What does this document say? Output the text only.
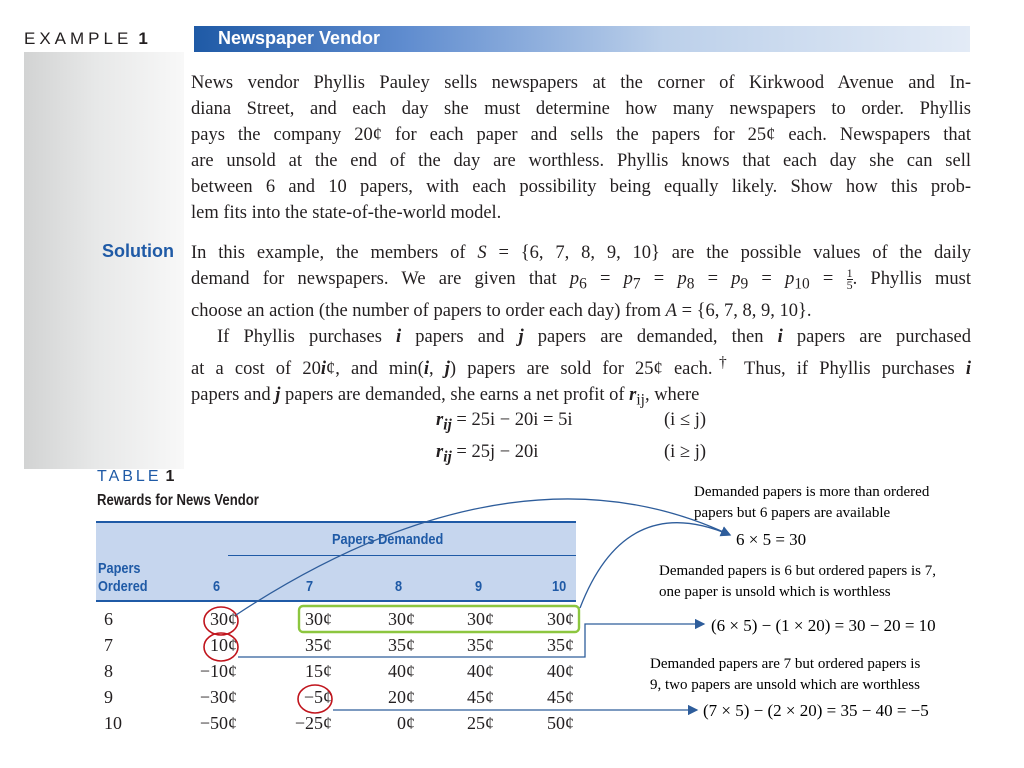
EXAMPLE 1	Newspaper Vendor
News vendor Phyllis Pauley sells newspapers at the corner of Kirkwood Avenue and In-
diana Street, and each day she must determine how many newspapers to order. Phyllis
pays the company 20¢ for each paper and sells the papers for 25¢ each. Newspapers that
are unsold at the end of the day are worthless. Phyllis knows that each day she can sell
between 6 and 10 papers, with each possibility being equally likely. Show how this prob-
lem fits into the state-of-the-world model.
Solution In this example, the members of S = {6, 7, 8, 9, 10} are the possible values of the daily
demand for newspapers. We are given that $p_6 = p_7 = p_8 = p_9 = p_{10} = \frac{1}{5}$ . Phyllis must
choose an action (the number of papers to order each day) from A = {6, 7, 8, 9, 10}.
If Phyllis purchases i papers and j papers are demanded, then i papers are purchased
at a cost of 20i¢, and min(i, j) papers are sold for 25¢ each.† Thus, if Phyllis purchases i
papers and j papers are demanded, she earns a net profit of $r_{ij}$, where
$r_{ij} = 25i - 20i = 5i$	(i ≤ j)
$r_{ij} = 25j - 20i$	(i ≥ j)
TABLE 1
Rewards for News Vendor
Papers Demanded
Papers
Ordered	6	7	8	9	10
6	30¢	30¢	30¢	30¢	30¢
7	10¢	35¢	35¢	35¢	35¢
8	−10¢	15¢	40¢	40¢	40¢
9	−30¢	−5¢	20¢	45¢	45¢
10	−50¢	−25¢	0¢	25¢	50¢
Demanded papers is more than ordered
papers but 6 papers are available
6 × 5 = 30
Demanded papers is 6 but ordered papers is 7,
one paper is unsold which is worthless
(6 × 5) − (1 × 20) = 30 − 20 = 10
Demanded papers are 7 but ordered papers is
9, two papers are unsold which are worthless
(7 × 5) − (2 × 20) = 35 − 40 = −5
